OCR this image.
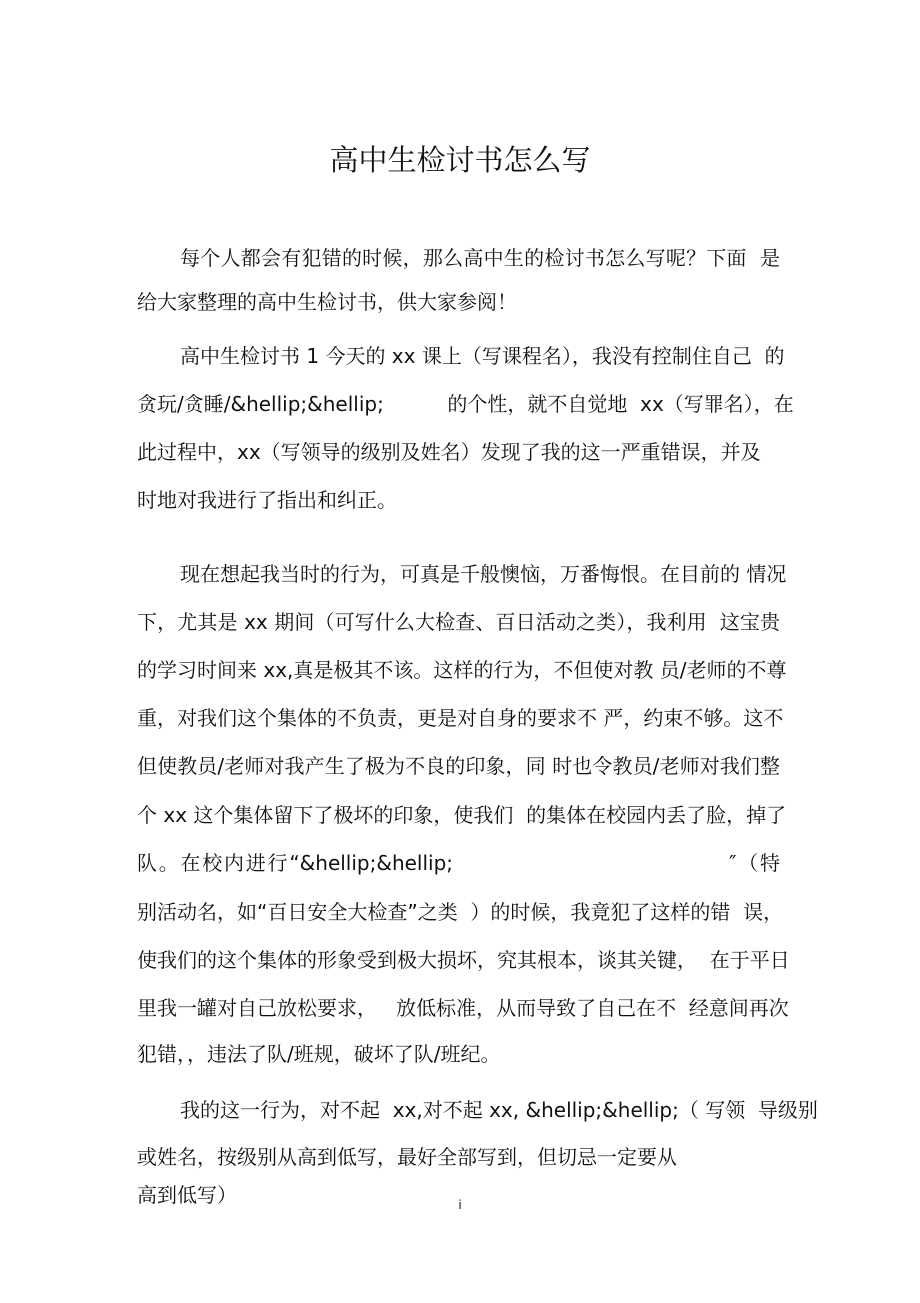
高中生检讨书怎么写
每个人都会有犯错的时候，那么高中生的检讨书怎么写呢？下面  是
给大家整理的高中生检讨书，供大家参阅！
高中生检讨书 1 今天的 xx 课上（写课程名），我没有控制住自己  的
贪玩/贪睡/&hellip;&hellip;          的个性，就不自觉地  xx（写罪名），在
此过程中，xx（写领导的级别及姓名）发现了我的这一严重错误，并及
时地对我进行了指出和纠正。
现在想起我当时的行为，可真是千般懊恼，万番悔恨。在目前的 情况
下，尤其是 xx 期间（可写什么大检查、百日活动之类），我利用  这宝贵
的学习时间来 xx,真是极其不该。这样的行为，不但使对教 员/老师的不尊
重，对我们这个集体的不负责，更是对自身的要求不 严，约束不够。这不
但使教员/老师对我产生了极为不良的印象，同 时也令教员/老师对我们整
个 xx 这个集体留下了极坏的印象，使我们  的集体在校园内丢了脸，掉了
队。在校内进行“&hellip;&hellip;                                  ″（特
别活动名，如“百日安全大检查”之类  ）的时候，我竟犯了这样的错  误，
使我们的这个集体的形象受到极大损坏，究其根本，谈其关键，  在于平日
里我一罐对自己放松要求，   放低标准，从而导致了自己在不  经意间再次
犯错，，违法了队/班规，破坏了队/班纪。
我的这一行为，对不起  xx,对不起 xx, &hellip;&hellip;（ 写领  导级别
或姓名，按级别从高到低写，最好全部写到，但切忌一定要从
高到低写）	i
